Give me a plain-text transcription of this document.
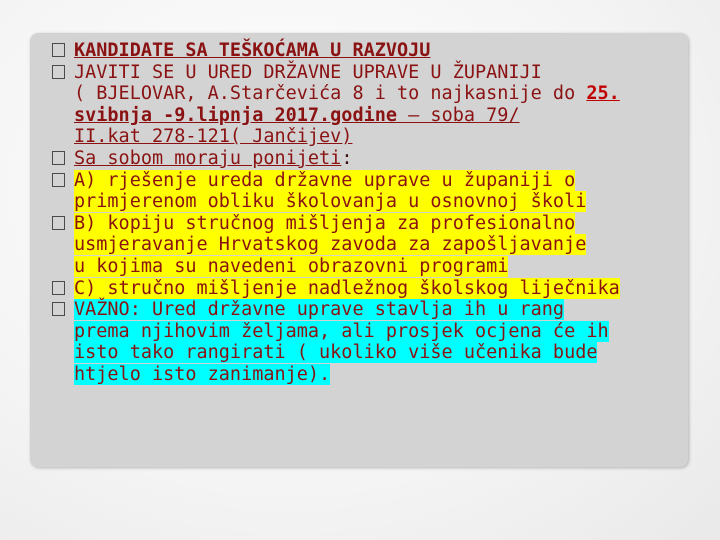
KANDIDATE SA TEŠKOĆAMA U RAZVOJU
JAVITI SE U URED DRŽAVNE UPRAVE U ŽUPANIJI
( BJELOVAR, A.Starčevića 8 i to najkasnije do 25.
svibnja -9.lipnja 2017.godine – soba 79/
II.kat 278-121( Jančijev)
Sa sobom moraju ponijeti:
A) rješenje ureda državne uprave u županiji o
primjerenom obliku školovanja u osnovnoj školi
B) kopiju stručnog mišljenja za profesionalno
usmjeravanje Hrvatskog zavoda za zapošljavanje
u kojima su navedeni obrazovni programi
C) stručno mišljenje nadležnog školskog liječnika
VAŽNO: Ured državne uprave stavlja ih u rang
prema njihovim željama, ali prosjek ocjena će ih
isto tako rangirati ( ukoliko više učenika bude
htjelo isto zanimanje).
